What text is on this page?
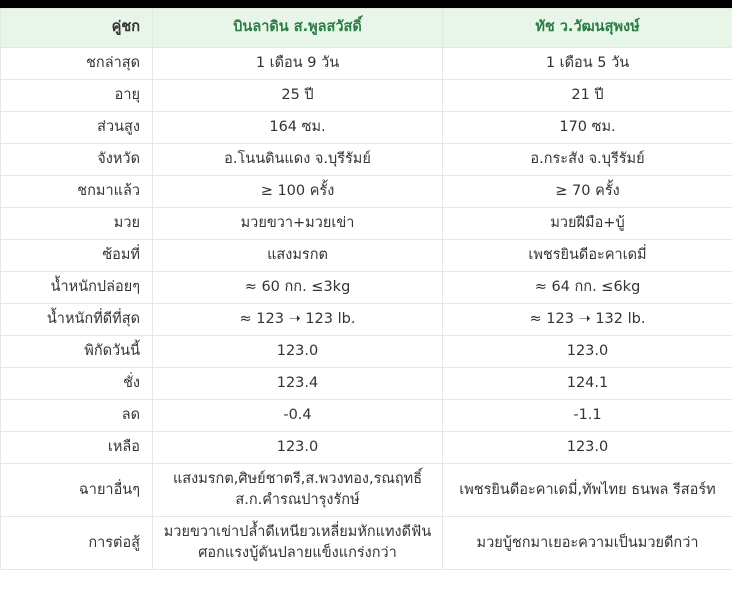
คู่ชก	บินลาดิน ส.พูลสวัสดิ์	ทัช ว.วัฒนสุพงษ์
ชกล่าสุด	1 เดือน 9 วัน	1 เดือน 5 วัน
อายุ	25 ปี	21 ปี
ส่วนสูง	164 ซม.	170 ซม.
จังหวัด	อ.โนนดินแดง จ.บุรีรัมย์	อ.กระสัง จ.บุรีรัมย์
ชกมาแล้ว	≥ 100 ครั้ง	≥ 70 ครั้ง
มวย	มวยขวา+มวยเข่า	มวยฝีมือ+บู้
ซ้อมที่	แสงมรกต	เพชรยินดีอะคาเดมี่
น้ำหนักปล่อยๆ	≈ 60 กก. ≤3kg	≈ 64 กก. ≤6kg
น้ำหนักที่ดีที่สุด	≈ 123 ➝ 123 lb.	≈ 123 ➝ 132 lb.
พิกัดวันนี้	123.0	123.0
ชั่ง	123.4	124.1
ลด	-0.4	-1.1
เหลือ	123.0	123.0
ฉายาอื่นๆ	แสงมรกต,ศิษย์ชาตรี,ส.พวงทอง,รณฤทธิ์ ส.ก.คำรณปารุงรักษ์	เพชรยินดีอะคาเดมี่,ทัพไทย ธนพล รีสอร์ท
การต่อสู้	มวยขวาเข่าปล้ำดีเหนียวเหลี่ยมหักแทงดีฟันศอกแรงบู้ดันปลายแข็งแกร่งกว่า	มวยบู้ชกมาเยอะความเป็นมวยดีกว่า
